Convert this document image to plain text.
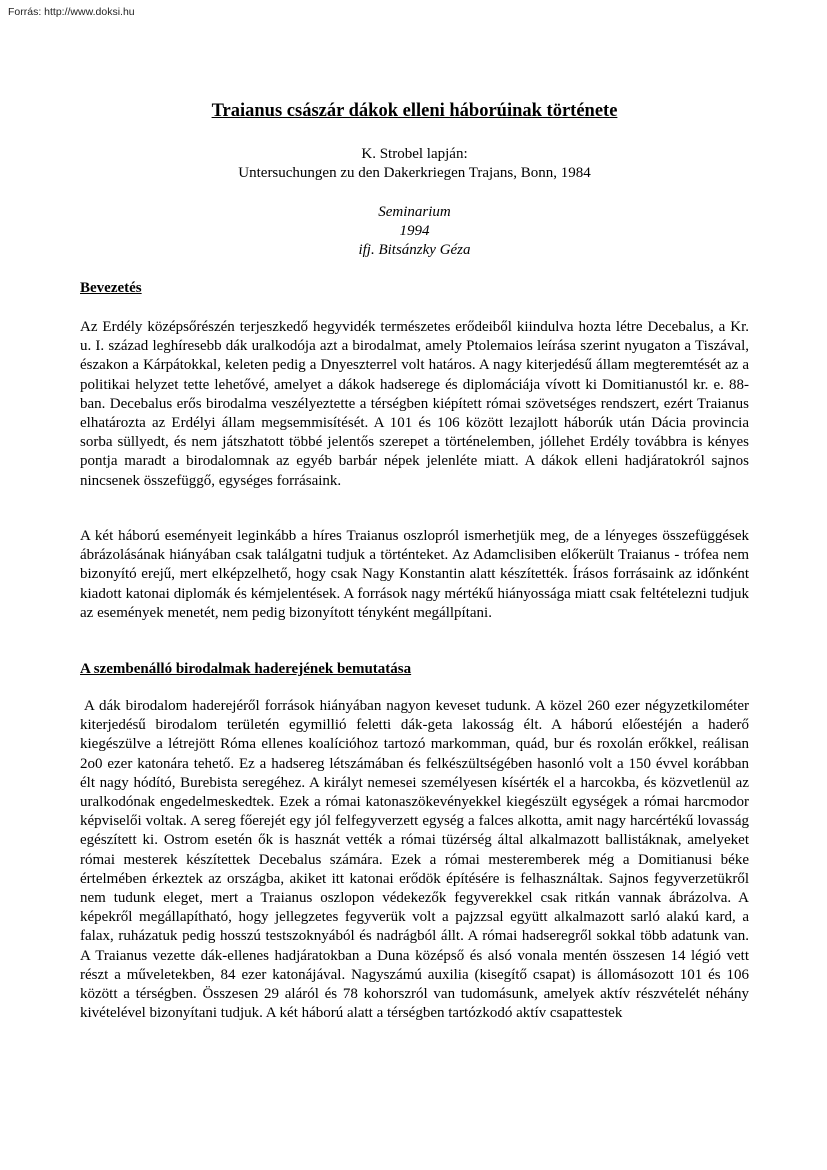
Forrás: http://www.doksi.hu
Traianus császár dákok elleni háborúinak története
K. Strobel lapján:
Untersuchungen zu den Dakerkriegen Trajans, Bonn, 1984
Seminarium
1994
ifj. Bitsánzky Géza
Bevezetés

Az Erdély középsőrészén terjeszkedő hegyvidék természetes erődeiből kiindulva hozta létre Decebalus, a Kr. u. I. század leghíresebb dák uralkodója azt a birodalmat, amely Ptolemaios leírása szerint nyugaton a Tiszával, északon a Kárpátokkal, keleten pedig a Dnyeszterrel volt határos. A nagy kiterjedésű állam megteremtését az a politikai helyzet tette lehetővé, amelyet a dákok hadserege és diplomáciája vívott ki Domitianustól kr. e. 88-ban. Decebalus erős birodalma veszélyeztette a térségben kiépített római szövetséges rendszert, ezért Traianus elhatározta az Erdélyi állam megsemmisítését. A 101 és 106 között lezajlott háborúk után Dácia provincia sorba süllyedt, és nem játszhatott többé jelentős szerepet a történelemben, jóllehet Erdély továbbra is kényes pontja maradt a birodalomnak az egyéb barbár népek jelenléte miatt. A dákok elleni hadjáratokról sajnos nincsenek összefüggő, egységes forrásaink.

A két háború eseményeit leginkább a híres Traianus oszlopról ismerhetjük meg, de a lényeges összefüggések ábrázolásának hiányában csak találgatni tudjuk a történteket. Az Adamclisiben előkerült Traianus - trófea nem bizonyító erejű, mert elképzelhető, hogy csak Nagy Konstantin alatt készítették. Írásos forrásaink az időnként kiadott katonai diplomák és kémjelentések. A források nagy mértékű hiányossága miatt csak feltételezni tudjuk az események menetét, nem pedig bizonyított tényként megállpítani.

A szembenálló birodalmak haderejének bemutatása

A dák birodalom haderejéről források hiányában nagyon keveset tudunk. A közel 260 ezer négyzetkilométer kiterjedésű birodalom területén egymillió feletti dák-geta lakosság élt. A háború előestéjén a haderő kiegészülve a létrejött Róma ellenes koalícióhoz tartozó markomman, quád, bur és roxolán erőkkel, reálisan 2o0 ezer katonára tehető. Ez a hadsereg létszámában és felkészültségében hasonló volt a 150 évvel korábban élt nagy hódító, Burebista seregéhez. A királyt nemesei személyesen kísérték el a harcokba, és közvetlenül az uralkodónak engedelmeskedtek. Ezek a római katonaszökevényekkel kiegészült egységek a római harcmodor képviselői voltak. A sereg főerejét egy jól felfegyverzett egység a falces alkotta, amit nagy harcértékű lovasság egészített ki. Ostrom esetén ők is hasznát vették a római tüzérség által alkalmazott ballistáknak, amelyeket római mesterek készítettek Decebalus számára. Ezek a római mesteremberek még a Domitianusi béke értelmében érkeztek az országba, akiket itt katonai erődök építésére is felhasználtak. Sajnos fegyverzetükről nem tudunk eleget, mert a Traianus oszlopon védekezők fegyverekkel csak ritkán vannak ábrázolva. A képekről megállapítható, hogy jellegzetes fegyverük volt a pajzzsal együtt alkalmazott sarló alakú kard, a falax, ruházatuk pedig hosszú testszoknyából és nadrágból állt. A római hadseregről sokkal több adatunk van. A Traianus vezette dák-ellenes hadjáratokban a Duna középső és alsó vonala mentén összesen 14 légió vett részt a műveletekben, 84 ezer katonájával. Nagyszámú auxilia (kisegítő csapat) is állomásozott 101 és 106 között a térségben. Összesen 29 aláról és 78 kohorszról van tudomásunk, amelyek aktív részvételét néhány kivételével bizonyítani tudjuk. A két háború alatt a térségben tartózkodó aktív csapattestek
